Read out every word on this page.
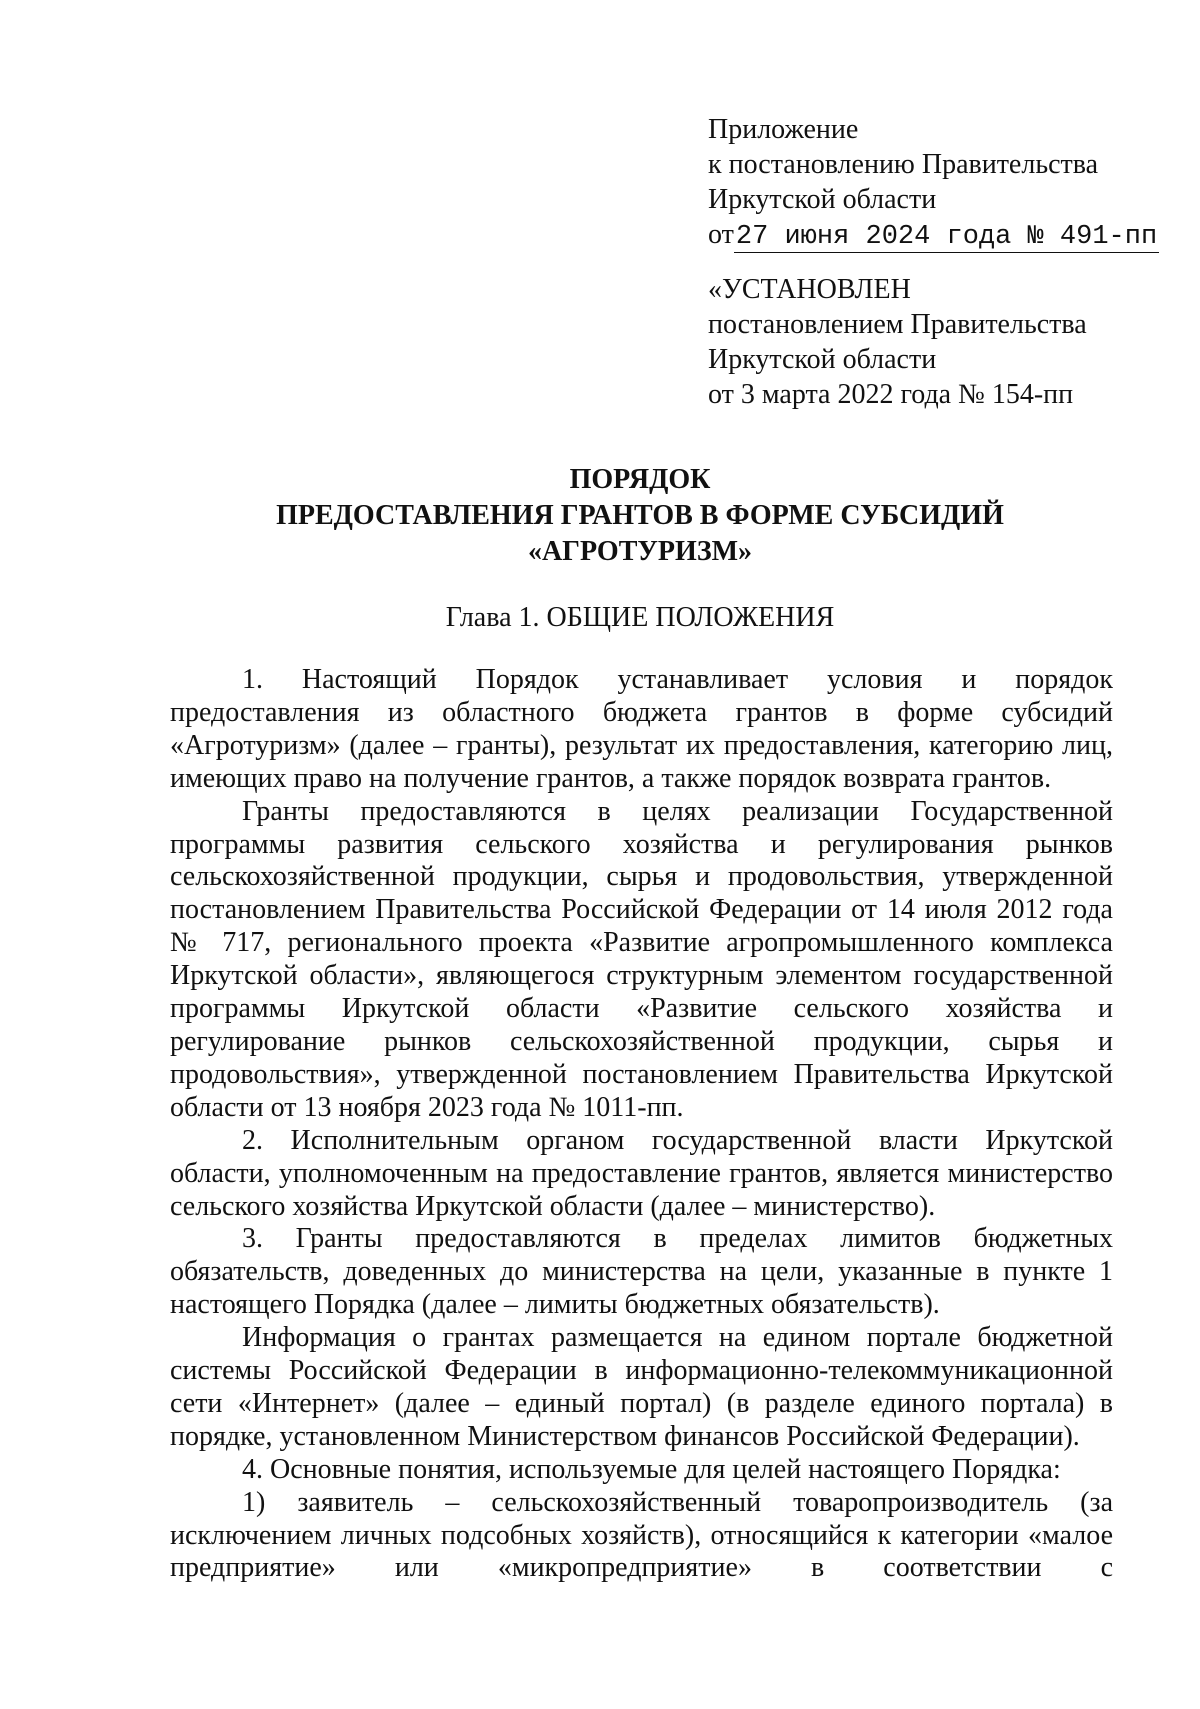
Приложение
к постановлению Правительства
Иркутской области
от27 июня 2024 года № 491-пп
«УСТАНОВЛЕН
постановлением Правительства
Иркутской области
от 3 марта 2022 года № 154-пп
ПОРЯДОК
ПРЕДОСТАВЛЕНИЯ ГРАНТОВ В ФОРМЕ СУБСИДИЙ
«АГРОТУРИЗМ»
Глава 1. ОБЩИЕ ПОЛОЖЕНИЯ

1. Настоящий Порядок устанавливает условия и порядок предоставления из областного бюджета грантов в форме субсидий «Агротуризм» (далее – гранты), результат их предоставления, категорию лиц, имеющих право на получение грантов, а также порядок возврата грантов.

Гранты предоставляются в целях реализации Государственной программы развития сельского хозяйства и регулирования рынков сельскохозяйственной продукции, сырья и продовольствия, утвержденной постановлением Правительства Российской Федерации от 14 июля 2012 года № 717, регионального проекта «Развитие агропромышленного комплекса Иркутской области», являющегося структурным элементом государственной программы Иркутской области «Развитие сельского хозяйства и регулирование рынков сельскохозяйственной продукции, сырья и продовольствия», утвержденной постановлением Правительства Иркутской области от 13 ноября 2023 года № 1011-пп.

2. Исполнительным органом государственной власти Иркутской области, уполномоченным на предоставление грантов, является министерство сельского хозяйства Иркутской области (далее – министерство).

3. Гранты предоставляются в пределах лимитов бюджетных обязательств, доведенных до министерства на цели, указанные в пункте 1 настоящего Порядка (далее – лимиты бюджетных обязательств).

Информация о грантах размещается на едином портале бюджетной системы Российской Федерации в информационно-телекоммуникационной сети «Интернет» (далее – единый портал) (в разделе единого портала) в порядке, установленном Министерством финансов Российской Федерации).

4. Основные понятия, используемые для целей настоящего Порядка:

1) заявитель – сельскохозяйственный товаропроизводитель (за исключением личных подсобных хозяйств), относящийся к категории «малое предприятие» или «микропредприятие» в соответствии с
